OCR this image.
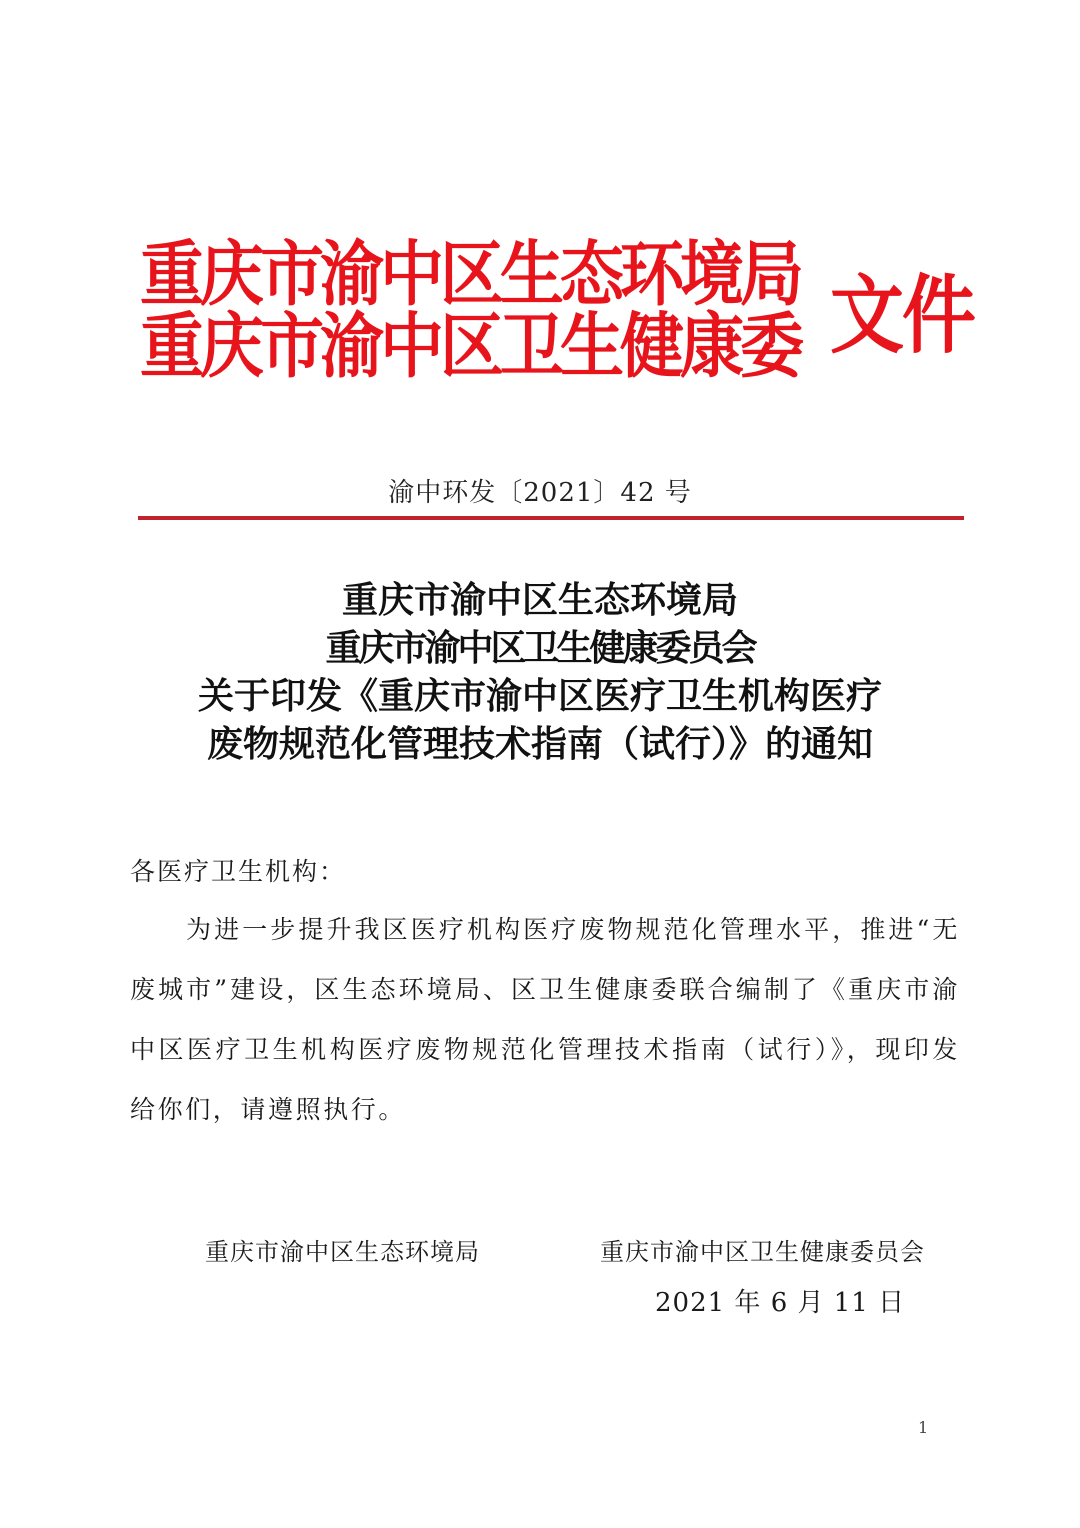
重庆市渝中区生态环境局
重庆市渝中区卫生健康委 文件
渝中环发〔2021〕42 号
重庆市渝中区生态环境局
重庆市渝中区卫生健康委员会
关于印发《重庆市渝中区医疗卫生机构医疗
废物规范化管理技术指南（试行）》的通知
各医疗卫生机构：
为进一步提升我区医疗机构医疗废物规范化管理水平，推进“无废城市”建设，区生态环境局、区卫生健康委联合编制了《重庆市渝中区医疗卫生机构医疗废物规范化管理技术指南（试行）》，现印发给你们，请遵照执行。
重庆市渝中区生态环境局	重庆市渝中区卫生健康委员会
2021 年 6 月 11 日
1
